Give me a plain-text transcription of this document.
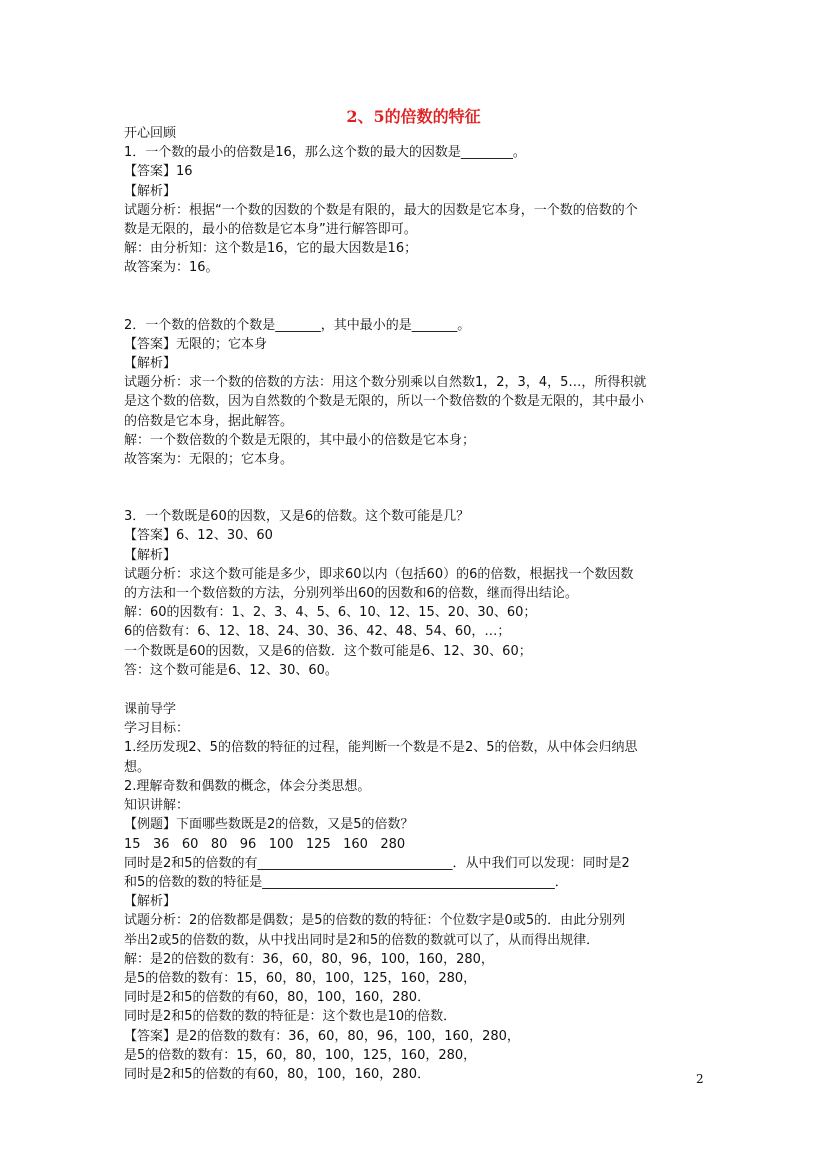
2、5的倍数的特征
开心回顾
1．一个数的最小的倍数是16，那么这个数的最大的因数是________。
【答案】16
【解析】
试题分析：根据“一个数的因数的个数是有限的，最大的因数是它本身，一个数的倍数的个
数是无限的，最小的倍数是它本身”进行解答即可。
解：由分析知：这个数是16，它的最大因数是16；
故答案为：16。
2．一个数的倍数的个数是_______，其中最小的是_______。
【答案】无限的；它本身
【解析】
试题分析：求一个数的倍数的方法：用这个数分别乘以自然数1，2，3，4，5…，所得积就
是这个数的倍数，因为自然数的个数是无限的，所以一个数倍数的个数是无限的，其中最小
的倍数是它本身，据此解答。
解：一个数倍数的个数是无限的，其中最小的倍数是它本身；
故答案为：无限的；它本身。
3．一个数既是60的因数，又是6的倍数。这个数可能是几？
【答案】6、12、30、60
【解析】
试题分析：求这个数可能是多少，即求60以内（包括60）的6的倍数，根据找一个数因数
的方法和一个数倍数的方法，分别列举出60的因数和6的倍数，继而得出结论。
解：60的因数有：1、2、3、4、5、6、10、12、15、20、30、60；
6的倍数有：6、12、18、24、30、36、42、48、54、60，…；
一个数既是60的因数，又是6的倍数．这个数可能是6、12、30、60；
答：这个数可能是6、12、30、60。
课前导学
学习目标：
1.经历发现2、5的倍数的特征的过程，能判断一个数是不是2、5的倍数，从中体会归纳思
想。
2.理解奇数和偶数的概念，体会分类思想。
知识讲解：
【例题】下面哪些数既是2的倍数，又是5的倍数？
15   36   60   80   96   100   125   160   280
同时是2和5的倍数的有______________________________．从中我们可以发现：同时是2
和5的倍数的数的特征是_____________________________________________．
【解析】
试题分析：2的倍数都是偶数；是5的倍数的数的特征：个位数字是0或5的．由此分别列
举出2或5的倍数的数，从中找出同时是2和5的倍数的数就可以了，从而得出规律．
解：是2的倍数的数有：36，60，80，96，100，160，280，
是5的倍数的数有：15，60，80，100，125，160，280，
同时是2和5的倍数的有60，80，100，160，280．
同时是2和5的倍数的数的特征是：这个数也是10的倍数．
【答案】是2的倍数的数有：36，60，80，96，100，160，280，
是5的倍数的数有：15，60，80，100，125，160，280，
同时是2和5的倍数的有60，80，100，160，280．	2
